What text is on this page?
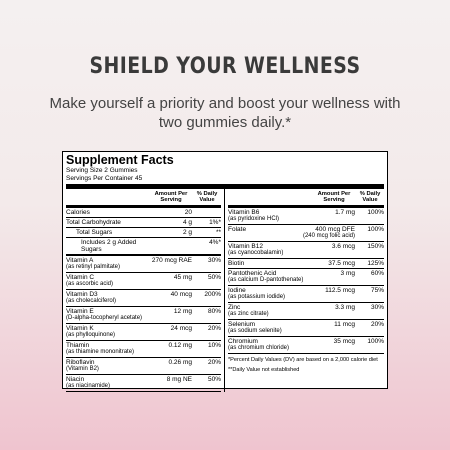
SHIELD YOUR WELLNESS
Make yourself a priority and boost your wellness with two gummies daily.*
Supplement Facts
Serving Size 2 Gummies
Servings Per Container 45
Amount Per Serving
% Daily Value
Calories	20
Total Carbohydrate	4 g	1%*
Total Sugars	2 g	**
Includes 2 g Added Sugars
4%*
Vitamin A
(as retinyl palmitate)
270 mcg RAE	30%
Vitamin C
(as ascorbic acid)
45 mg	50%
Vitamin D3
(as cholecalciferol)
40 mcg	200%
Vitamin E
(D-alpha-tocopheryl acetate)
12 mg	80%
Vitamin K
(as phylloquinone)
24 mcg	20%
Thiamin
(as thiamine mononitrate)
0.12 mg	10%
Riboflavin
(Vitamin B2)
0.26 mg	20%
Niacin
(as niacinamide)
8 mg NE	50%
Amount Per Serving
% Daily Value
Vitamin B6
(as pyridoxine HCl)
1.7 mg	100%
Folate	400 mcg DFE
(240 mcg folic acid)
100%
Vitamin B12
(as cyanocobalamin)
3.6 mcg	150%
Biotin	37.5 mcg	125%
Pantothenic Acid
(as calcium D-pantothenate)
3 mg	60%
Iodine
(as potassium iodide)
112.5 mcg	75%
Zinc
(as zinc citrate)
3.3 mg	30%
Selenium
(as sodium selenite)
11 mcg	20%
Chromium
(as chromium chloride)
35 mcg	100%
*Percent Daily Values (DV) are based on a 2,000 calorie diet
**Daily Value not established
